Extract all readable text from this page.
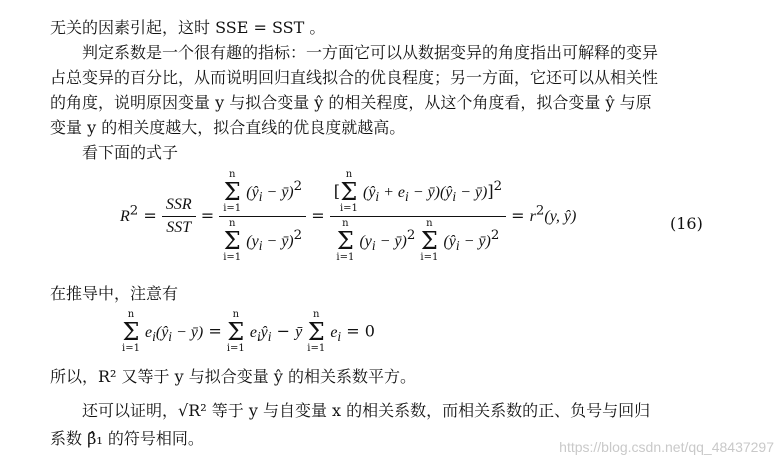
无关的因素引起，这时 SSE = SST 。
判定系数是一个很有趣的指标：一方面它可以从数据变异的角度指出可解释的变异
占总变异的百分比，从而说明回归直线拟合的优良程度；另一方面，它还可以从相关性
的角度，说明原因变量 y 与拟合变量 ŷ 的相关程度，从这个角度看，拟合变量 ŷ 与原
变量 y 的相关度越大，拟合直线的优良度就越高。
看下面的式子
$R^2 = \frac{\text{SSR}}{\text{SST}} = n$
Σ
i=1
($ŷ_i$ − ȳ)$^2$
n
Σ
i=1
($y_i$ − ȳ)$^2$ = [
n
Σ
i=1
($ŷ_i + e_i$ − $ȳ)(ŷ_i$ − ȳ)]$^2$
n
Σ
i=1
($y_i$ − ȳ)$^2$
n
Σ
i=1
($ŷ_i$ − ȳ)$^2$ = $r^2(y$, ŷ)	(16)
在推导中，注意有
n
Σ
i=1
$e_i(ŷ_i$ − ȳ) =
n
Σ
i=1
$e_iŷ_i$ − ȳ
n
Σ
i=1
$e_i = 0$
所以，R² 又等于 y 与拟合变量 ŷ 的相关系数平方。
还可以证明，√R² 等于 y 与自变量 x 的相关系数，而相关系数的正、负号与回归
系数 β̂₁ 的符号相同。	https://blog.csdn.net/qq_48437297
